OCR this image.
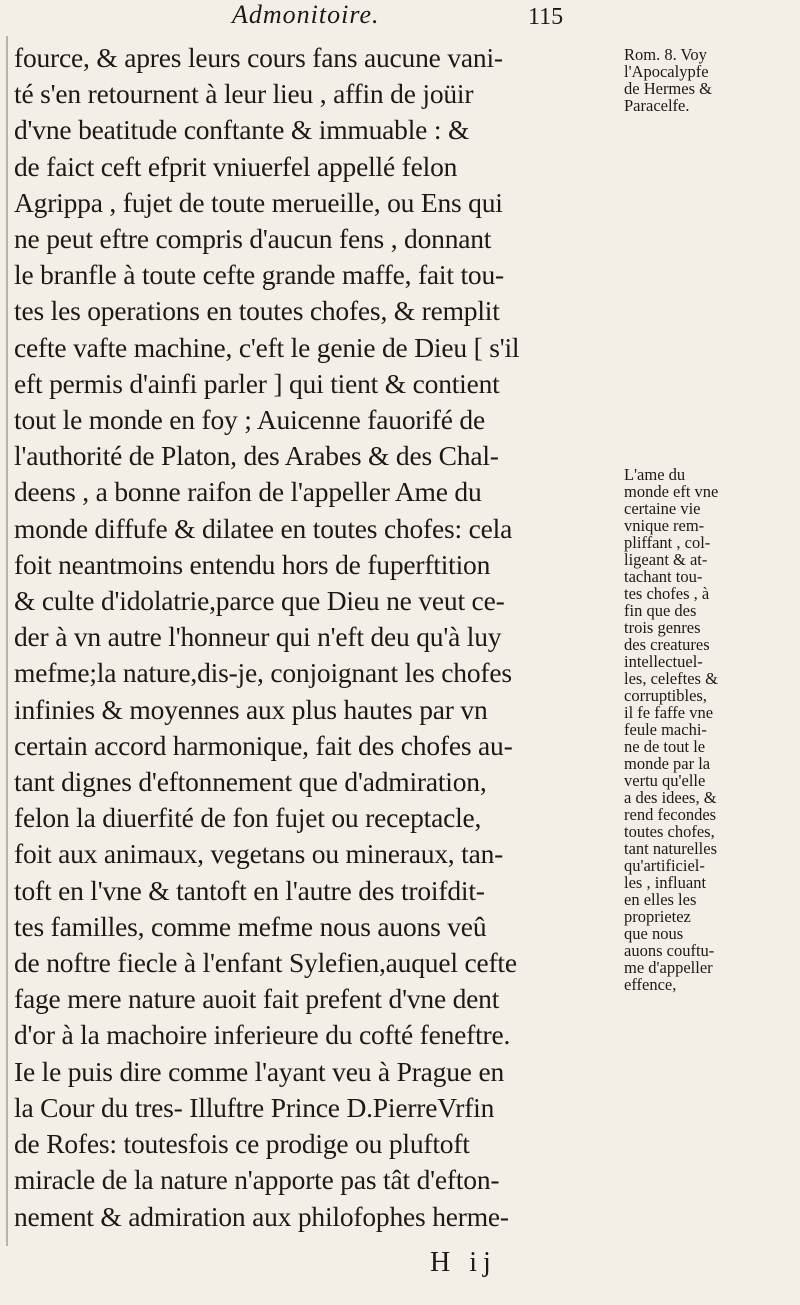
Admonitoire.	115
fource, & apres leurs cours fans aucune vani-
té s'en retournent à leur lieu , affin de joüir
d'vne beatitude conftante & immuable : &
de faict ceft efprit vniuerfel appellé felon
Agrippa , fujet de toute merueille, ou Ens qui
ne peut eftre compris d'aucun fens , donnant
le branfle à toute cefte grande maffe, fait tou-
tes les operations en toutes chofes, & remplit
cefte vafte machine, c'eft le genie de Dieu [ s'il
eft permis d'ainfi parler ] qui tient & contient
tout le monde en foy ; Auicenne fauorifé de
l'authorité de Platon, des Arabes & des Chal-
deens , a bonne raifon de l'appeller Ame du
monde diffufe & dilatee en toutes chofes: cela
foit neantmoins entendu hors de fuperftition
& culte d'idolatrie,parce que Dieu ne veut ce-
der à vn autre l'honneur qui n'eft deu qu'à luy
mefme;la nature,dis-je, conjoignant les chofes
infinies & moyennes aux plus hautes par vn
certain accord harmonique, fait des chofes au-
tant dignes d'eftonnement que d'admiration,
felon la diuerfité de fon fujet ou receptacle,
foit aux animaux, vegetans ou mineraux, tan-
toft en l'vne & tantoft en l'autre des troifdit-
tes familles, comme mefme nous auons veû
de noftre fiecle à l'enfant Sylefien,auquel cefte
fage mere nature auoit fait prefent d'vne dent
d'or à la machoire inferieure du cofté feneftre.
Ie le puis dire comme l'ayant veu à Prague en
la Cour du tres- Illuftre Prince D.PierreVrfin
de Rofes: toutesfois ce prodige ou pluftoft
miracle de la nature n'apporte pas tât d'efton-
nement & admiration aux philofophes herme-
Rom. 8. Voy
l'Apocalypfe
de Hermes &
Paracelfe.
L'ame du
monde eft vne
certaine vie
vnique rem-
pliffant , col-
ligeant & at-
tachant tou-
tes chofes , à
fin que des
trois genres
des creatures
intellectuel-
les, celeftes &
corruptibles,
il fe faffe vne
feule machi-
ne de tout le
monde par la
vertu qu'elle
a des idees, &
rend fecondes
toutes chofes,
tant naturelles
qu'artificiel-
les , influant
en elles les
proprietez
que nous
auons couftu-
me d'appeller
effence,
H ij
